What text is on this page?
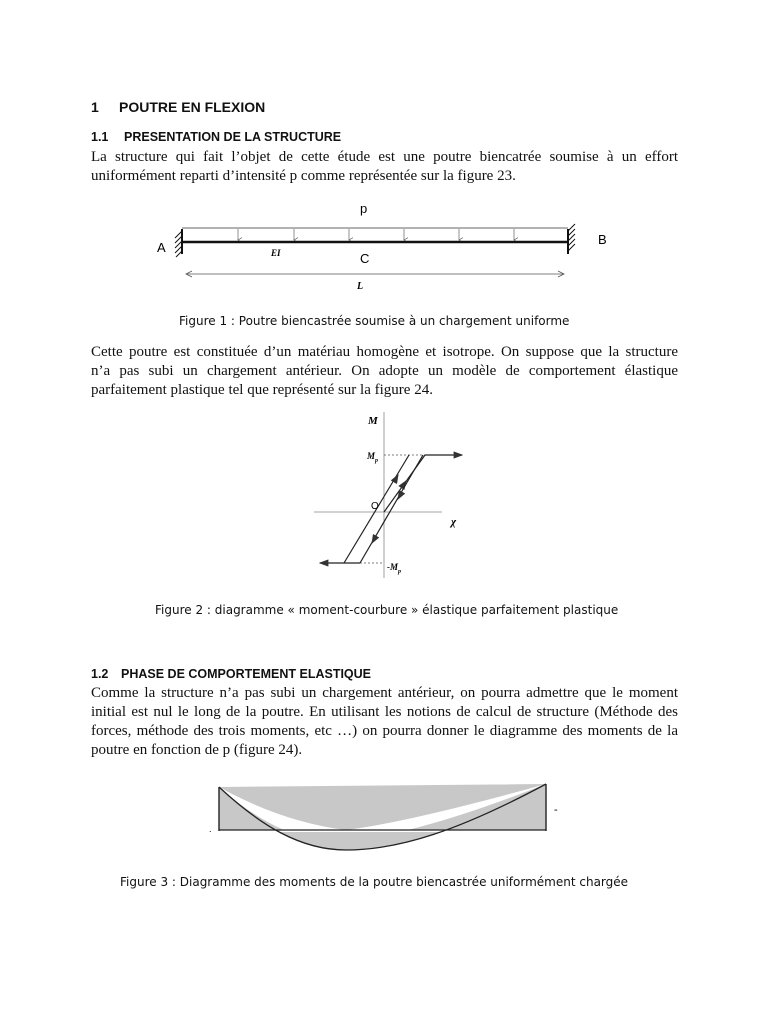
1 POUTRE EN FLEXION
1.1 PRESENTATION DE LA STRUCTURE
La structure qui fait l’objet de cette étude est une poutre biencatrée soumise à un effort
uniformément reparti d’intensité p comme représentée sur la figure 23.
p
A
B
C
EI
L
Figure 1 : Poutre biencastrée soumise à un chargement uniforme
Cette poutre est constituée d’un matériau homogène et isotrope. On suppose que la structure
n’a pas subi un chargement antérieur. On adopte un modèle de comportement élastique
parfaitement plastique tel que représenté sur la figure 24.
M
$M_p$
O
χ
$-M_p$
Figure 2 : diagramme « moment-courbure » élastique parfaitement plastique
1.2 PHASE DE COMPORTEMENT ELASTIQUE
Comme la structure n’a pas subi un chargement antérieur, on pourra admettre que le moment
initial est nul le long de la poutre. En utilisant les notions de calcul de structure (Méthode des
forces, méthode des trois moments, etc …) on pourra donner le diagramme des moments de la
poutre en fonction de p (figure 24).
-
.
Figure 3 : Diagramme des moments de la poutre biencastrée uniformément chargée
